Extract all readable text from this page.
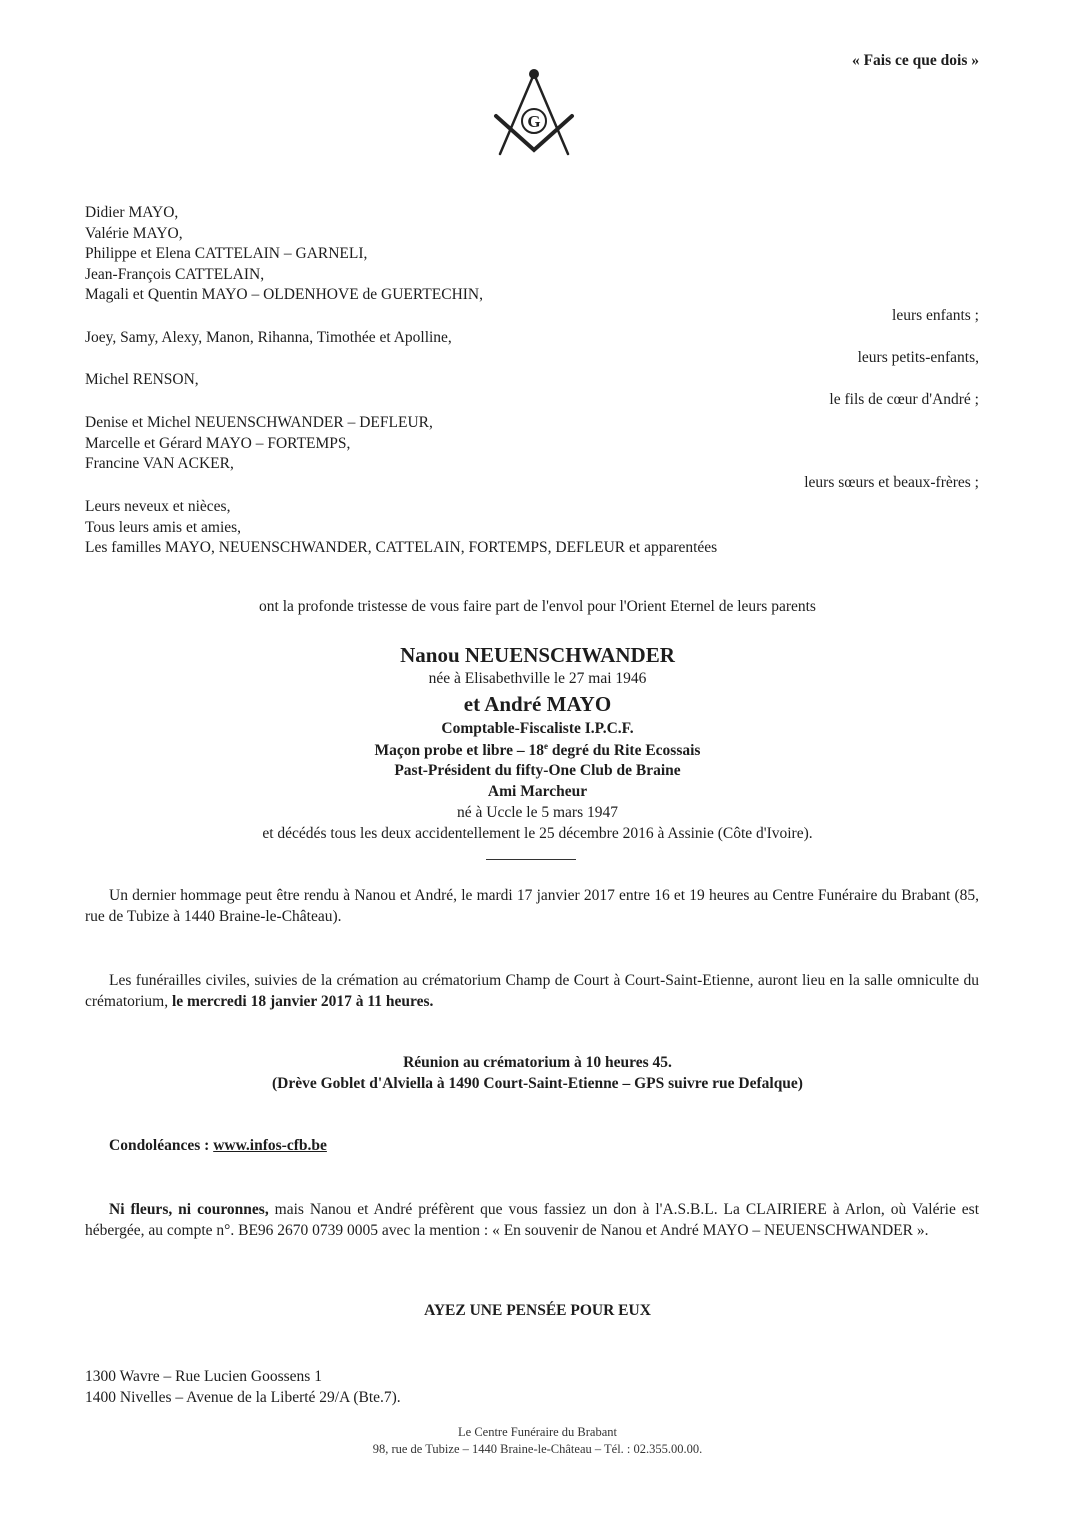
« Fais ce que dois »
G
Didier MAYO,
Valérie MAYO,
Philippe et Elena CATTELAIN – GARNELI,
Jean-François CATTELAIN,
Magali et Quentin MAYO – OLDENHOVE de GUERTECHIN,
leurs enfants ;
Joey, Samy, Alexy, Manon, Rihanna, Timothée et Apolline,
leurs petits-enfants,
Michel RENSON,
le fils de cœur d'André ;
Denise et Michel NEUENSCHWANDER – DEFLEUR,
Marcelle et Gérard MAYO – FORTEMPS,
Francine VAN ACKER,
leurs sœurs et beaux-frères ;
Leurs neveux et nièces,
Tous leurs amis et amies,
Les familles MAYO, NEUENSCHWANDER, CATTELAIN, FORTEMPS, DEFLEUR et apparentées
ont la profonde tristesse de vous faire part de l'envol pour l'Orient Eternel de leurs parents
Nanou NEUENSCHWANDER
née à Elisabethville le 27 mai 1946
et André MAYO
Comptable-Fiscaliste I.P.C.F.
Maçon probe et libre – 18e degré du Rite Ecossais
Past-Président du fifty-One Club de Braine
Ami Marcheur
né à Uccle le 5 mars 1947
et décédés tous les deux accidentellement le 25 décembre 2016 à Assinie (Côte d'Ivoire).
Un dernier hommage peut être rendu à Nanou et André, le mardi 17 janvier 2017 entre 16 et 19 heures au Centre Funéraire du Brabant (85, rue de Tubize à 1440 Braine-le-Château).
Les funérailles civiles, suivies de la crémation au crématorium Champ de Court à Court-Saint-Etienne, auront lieu en la salle omniculte du crématorium, le mercredi 18 janvier 2017 à 11 heures.
Réunion au crématorium à 10 heures 45.
(Drève Goblet d'Alviella à 1490 Court-Saint-Etienne – GPS suivre rue Defalque)
Condoléances : www.infos-cfb.be
Ni fleurs, ni couronnes, mais Nanou et André préfèrent que vous fassiez un don à l'A.S.B.L. La CLAIRIERE à Arlon, où Valérie est hébergée, au compte n°. BE96 2670 0739 0005 avec la mention : « En souvenir de Nanou et André MAYO – NEUENSCHWANDER ».
AYEZ UNE PENSÉE POUR EUX
1300 Wavre – Rue Lucien Goossens 1
1400 Nivelles – Avenue de la Liberté 29/A (Bte.7).
Le Centre Funéraire du Brabant
98, rue de Tubize – 1440 Braine-le-Château – Tél. : 02.355.00.00.
